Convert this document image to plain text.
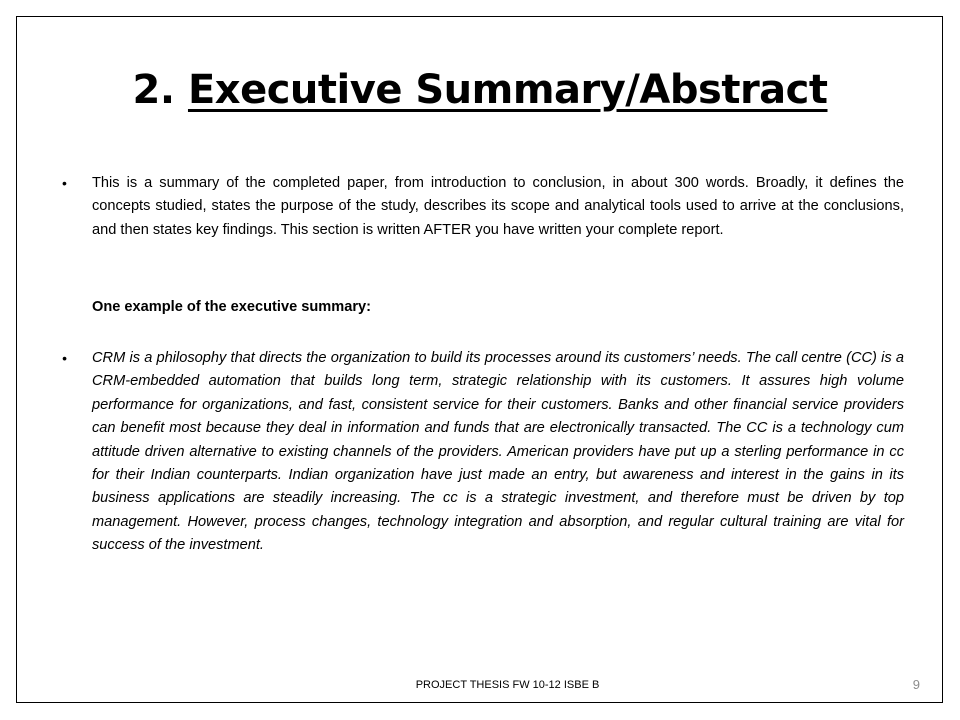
2. Executive Summary/Abstract
• This is a summary of the completed paper, from introduction to conclusion, in about 300 words. Broadly, it defines the concepts studied, states the purpose of the study, describes its scope and analytical tools used to arrive at the conclusions, and then states key findings. This section is written AFTER you have written your complete report.
One example of the executive summary:
• CRM is a philosophy that directs the organization to build its processes around its customers’ needs. The call centre (CC) is a CRM-embedded automation that builds long term, strategic relationship with its customers. It assures high volume performance for organizations, and fast, consistent service for their customers. Banks and other financial service providers can benefit most because they deal in information and funds that are electronically transacted. The CC is a technology cum attitude driven alternative to existing channels of the providers. American providers have put up a sterling performance in cc for their Indian counterparts. Indian organization have just made an entry, but awareness and interest in the gains in its business applications are steadily increasing. The cc is a strategic investment, and therefore must be driven by top management. However, process changes, technology integration and absorption, and regular cultural training are vital for success of the investment.
PROJECT THESIS FW 10-12 ISBE B	9
